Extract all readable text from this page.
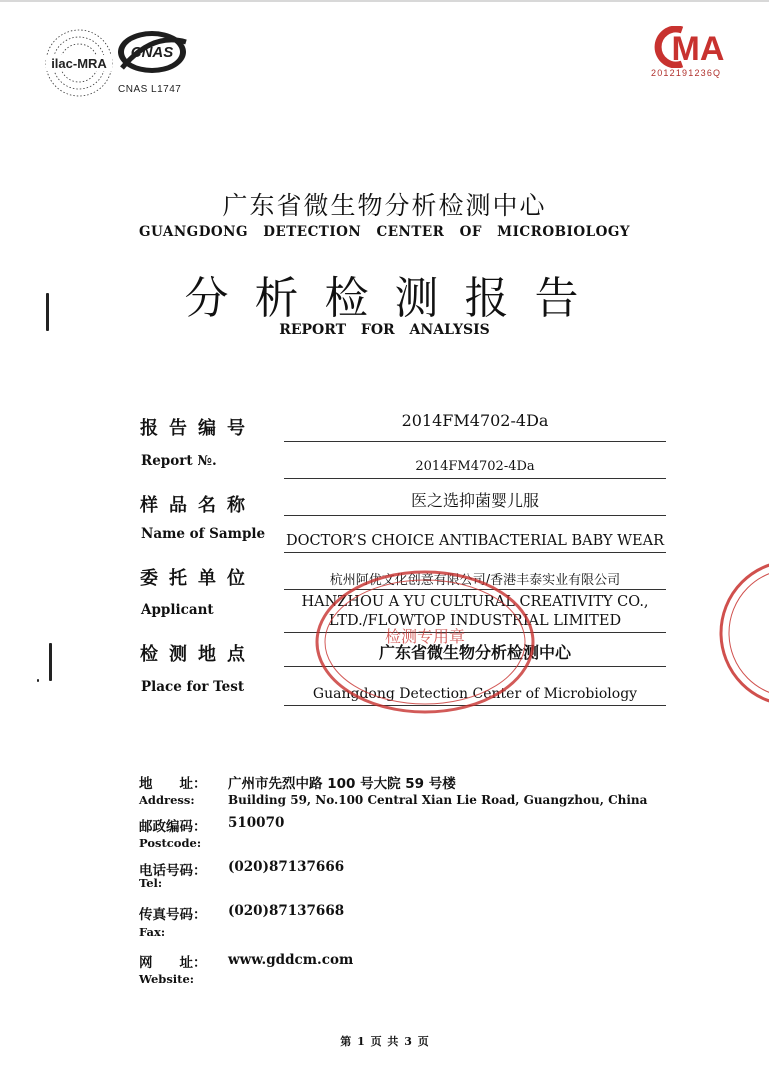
ilac-MRA
CNAS
CNAS L1747
MA
2012191236Q
广东省微生物分析检测中心
GUANGDONG DETECTION CENTER OF MICROBIOLOGY
分析检测报告
REPORT FOR ANALYSIS
报告编号	2014FM4702-4Da
Report №.	2014FM4702-4Da
样品名称	医之选抑菌婴儿服
Name of Sample DOCTOR’S CHOICE ANTIBACTERIAL BABY WEAR
委托单位	杭州阿优文化创意有限公司/香港丰泰实业有限公司
Applicant	HANZHOU A YU CULTURAL CREATIVITY CO.,
LTD./FLOWTOP INDUSTRIAL LIMITED
检测地点	广东省微生物分析检测中心
Place for Test	Guangdong Detection Center of Microbiology
检测专用章
地　　址： 广州市先烈中路 100 号大院 59 号楼
Address:	Building 59, No.100 Central Xian Lie Road, Guangzhou, China
邮政编码： 510070
Postcode:
电话号码： (020)87137666
Tel:
传真号码： (020)87137668
Fax:
网　　址： www.gddcm.com
Website:
第 1 页 共 3 页
